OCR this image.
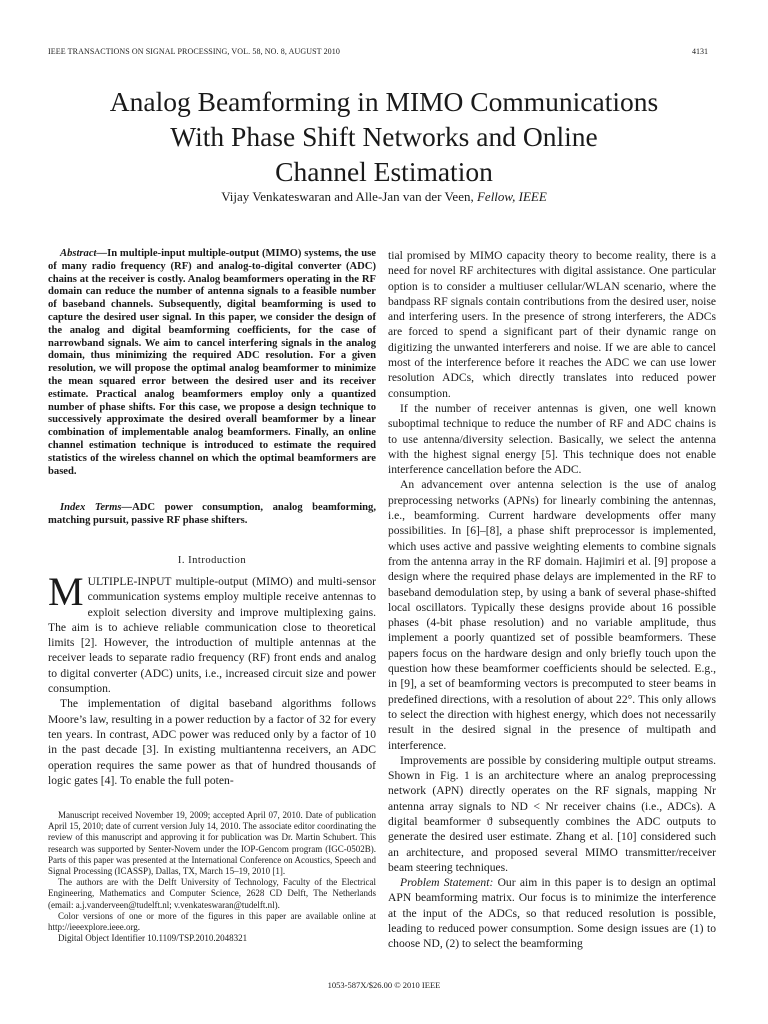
IEEE TRANSACTIONS ON SIGNAL PROCESSING, VOL. 58, NO. 8, AUGUST 2010	4131
Analog Beamforming in MIMO Communications
With Phase Shift Networks and Online
Channel Estimation
Vijay Venkateswaran and Alle-Jan van der Veen, Fellow, IEEE

Abstract—In multiple-input multiple-output (MIMO) systems, the use of many radio frequency (RF) and analog-to-digital converter (ADC) chains at the receiver is costly. Analog beamformers operating in the RF domain can reduce the number of antenna signals to a feasible number of baseband channels. Subsequently, digital beamforming is used to capture the desired user signal. In this paper, we consider the design of the analog and digital beamforming coefficients, for the case of narrowband signals. We aim to cancel interfering signals in the analog domain, thus minimizing the required ADC resolution. For a given resolution, we will propose the optimal analog beamformer to minimize the mean squared error between the desired user and its receiver estimate. Practical analog beamformers employ only a quantized number of phase shifts. For this case, we propose a design technique to successively approximate the desired overall beamformer by a linear combination of implementable analog beamformers. Finally, an online channel estimation technique is introduced to estimate the required statistics of the wireless channel on which the optimal beamformers are based.

Index Terms—ADC power consumption, analog beamforming, matching pursuit, passive RF phase shifters.

I. Introduction

MULTIPLE-INPUT multiple-output (MIMO) and multi-sensor communication systems employ multiple receive antennas to exploit selection diversity and improve multiplexing gains. The aim is to achieve reliable communication close to theoretical limits [2]. However, the introduction of multiple antennas at the receiver leads to separate radio frequency (RF) front ends and analog to digital converter (ADC) units, i.e., increased circuit size and power consumption.

The implementation of digital baseband algorithms follows Moore’s law, resulting in a power reduction by a factor of 32 for every ten years. In contrast, ADC power was reduced only by a factor of 10 in the past decade [3]. In existing multiantenna receivers, an ADC operation requires the same power as that of hundred thousands of logic gates [4]. To enable the full poten-

Manuscript received November 19, 2009; accepted April 07, 2010. Date of publication April 15, 2010; date of current version July 14, 2010. The associate editor coordinating the review of this manuscript and approving it for publication was Dr. Martin Schubert. This research was supported by Senter-Novem under the IOP-Gencom program (IGC-0502B). Parts of this paper was presented at the International Conference on Acoustics, Speech and Signal Processing (ICASSP), Dallas, TX, March 15–19, 2010 [1].

The authors are with the Delft University of Technology, Faculty of the Electrical Engineering, Mathematics and Computer Science, 2628 CD Delft, The Netherlands (email: a.j.vanderveen@tudelft.nl; v.venkateswaran@tudelft.nl).

Color versions of one or more of the figures in this paper are available online at http://ieeexplore.ieee.org.

Digital Object Identifier 10.1109/TSP.2010.2048321

tial promised by MIMO capacity theory to become reality, there is a need for novel RF architectures with digital assistance. One particular option is to consider a multiuser cellular/WLAN scenario, where the bandpass RF signals contain contributions from the desired user, noise and interfering users. In the presence of strong interferers, the ADCs are forced to spend a significant part of their dynamic range on digitizing the unwanted interferers and noise. If we are able to cancel most of the interference before it reaches the ADC we can use lower resolution ADCs, which directly translates into reduced power consumption.

If the number of receiver antennas is given, one well known suboptimal technique to reduce the number of RF and ADC chains is to use antenna/diversity selection. Basically, we select the antenna with the highest signal energy [5]. This technique does not enable interference cancellation before the ADC.

An advancement over antenna selection is the use of analog preprocessing networks (APNs) for linearly combining the antennas, i.e., beamforming. Current hardware developments offer many possibilities. In [6]–[8], a phase shift preprocessor is implemented, which uses active and passive weighting elements to combine signals from the antenna array in the RF domain. Hajimiri et al. [9] propose a design where the required phase delays are implemented in the RF to baseband demodulation step, by using a bank of several phase-shifted local oscillators. Typically these designs provide about 16 possible phases (4-bit phase resolution) and no variable amplitude, thus implement a poorly quantized set of possible beamformers. These papers focus on the hardware design and only briefly touch upon the question how these beamformer coefficients should be selected. E.g., in [9], a set of beamforming vectors is precomputed to steer beams in predefined directions, with a resolution of about 22°. This only allows to select the direction with highest energy, which does not necessarily result in the desired signal in the presence of multipath and interference.

Improvements are possible by considering multiple output streams. Shown in Fig. 1 is an architecture where an analog preprocessing network (APN) directly operates on the RF signals, mapping Nr antenna array signals to ND < Nr receiver chains (i.e., ADCs). A digital beamformer ϑ subsequently combines the ADC outputs to generate the desired user estimate. Zhang et al. [10] considered such an architecture, and proposed several MIMO transmitter/receiver beam steering techniques.

Problem Statement: Our aim in this paper is to design an optimal APN beamforming matrix. Our focus is to minimize the interference at the input of the ADCs, so that reduced resolution is possible, leading to reduced power consumption. Some design issues are (1) to choose ND, (2) to select the beamforming

1053-587X/$26.00 © 2010 IEEE
